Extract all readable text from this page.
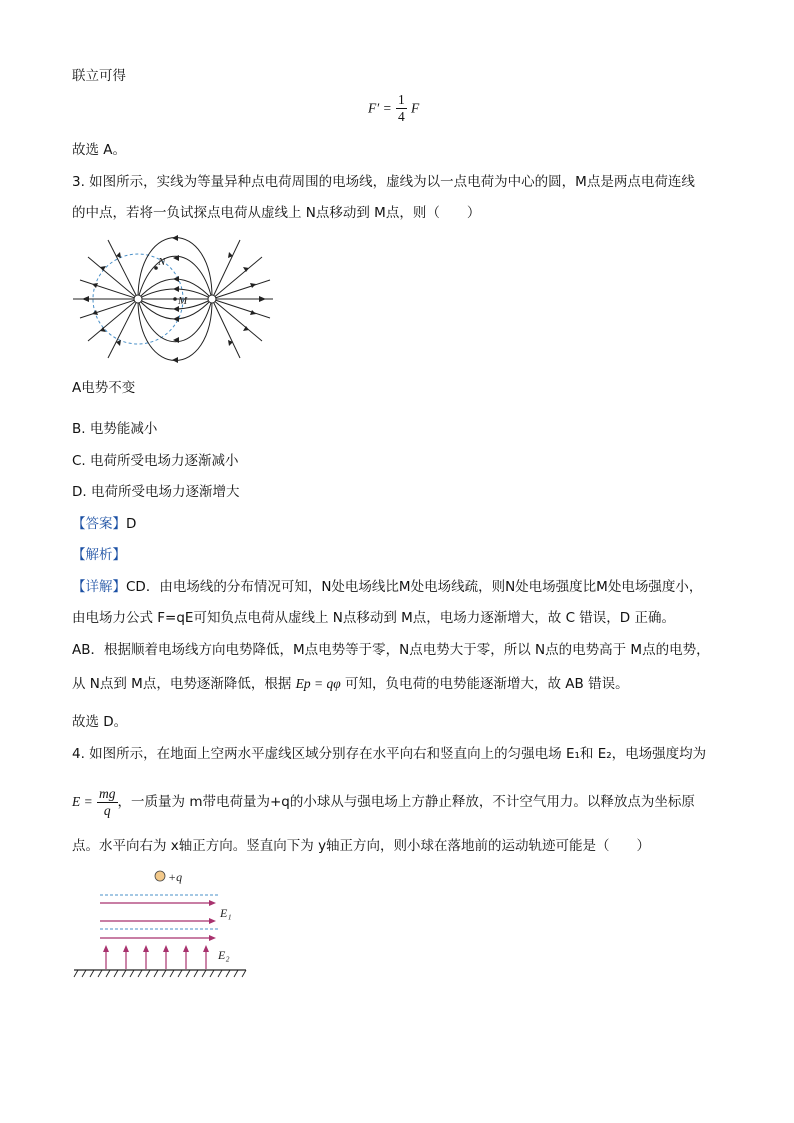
联立可得
$F' = \frac{1}{4}$ F
故选 A。
3. 如图所示，实线为等量异种点电荷周围的电场线，虚线为以一点电荷为中心的圆，M点是两点电荷连线
的中点，若将一负试探点电荷从虚线上 N点移动到 M点，则（　　）
N
M
A电势不变
B. 电势能减小
C. 电荷所受电场力逐渐减小
D. 电荷所受电场力逐渐增大
【答案】D
【解析】
【详解】CD．由电场线的分布情况可知，N处电场线比M处电场线疏，则N处电场强度比M处电场强度小，
由电场力公式 F=qE可知负点电荷从虚线上 N点移动到 M点，电场力逐渐增大，故 C 错误，D 正确。
AB．根据顺着电场线方向电势降低，M点电势等于零，N点电势大于零，所以 N点的电势高于 M点的电势，
从 N点到 M点，电势逐渐降低，根据 Ep = qφ 可知，负电荷的电势能逐渐增大，故 AB 错误。
故选 D。
4. 如图所示，在地面上空两水平虚线区域分别存在水平向右和竖直向上的匀强电场 E₁和 E₂，电场强度均为
$E = \frac{mg}{q}$ ，一质量为 m带电荷量为+q的小球从与强电场上方静止释放，不计空气用力。以释放点为坐标原
点。水平向右为 x轴正方向。竖直向下为 y轴正方向，则小球在落地前的运动轨迹可能是（　　）
+q
E₁
E₂
